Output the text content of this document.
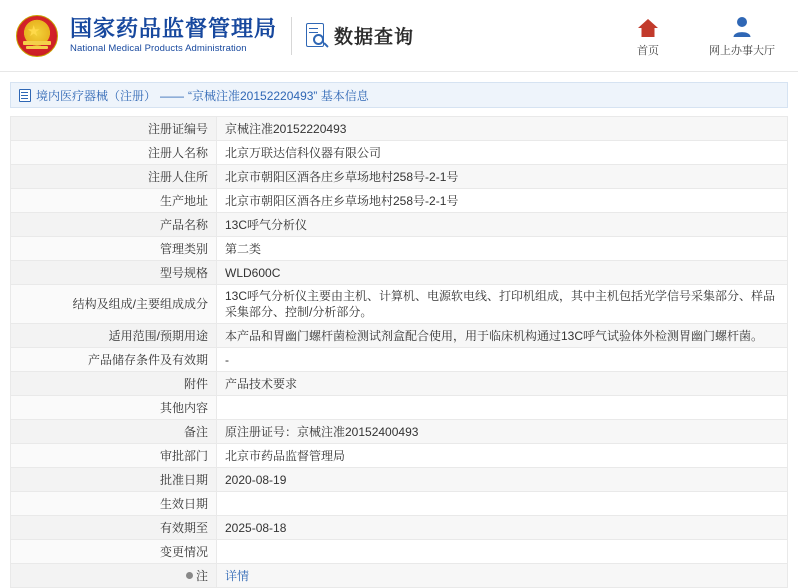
★ 国家药品监督管理局
National Medical Products Administration	数据查询
首页	网上办事大厅
境内医疗器械（注册） —— “京械注准20152220493” 基本信息
注册证编号	京械注准20152220493
注册人名称	北京万联达信科仪器有限公司
注册人住所	北京市朝阳区酒各庄乡草场地村258号-2-1号
生产地址	北京市朝阳区酒各庄乡草场地村258号-2-1号
产品名称	13C呼气分析仪
管理类别	第二类
型号规格	WLD600C
结构及组成/主要组成成分	13C呼气分析仪主要由主机、计算机、电源软电线、打印机组成，其中主机包括光学信号采集部分、样品采集部分、控制/分析部分。
适用范围/预期用途	本产品和胃幽门螺杆菌检测试剂盒配合使用，用于临床机构通过13C呼气试验体外检测胃幽门螺杆菌。
产品储存条件及有效期	-
附件	产品技术要求
其他内容	
备注	原注册证号：京械注准20152400493
审批部门	北京市药品监督管理局
批准日期	2020-08-19
生效日期	
有效期至	2025-08-18
变更情况	
注	详情
